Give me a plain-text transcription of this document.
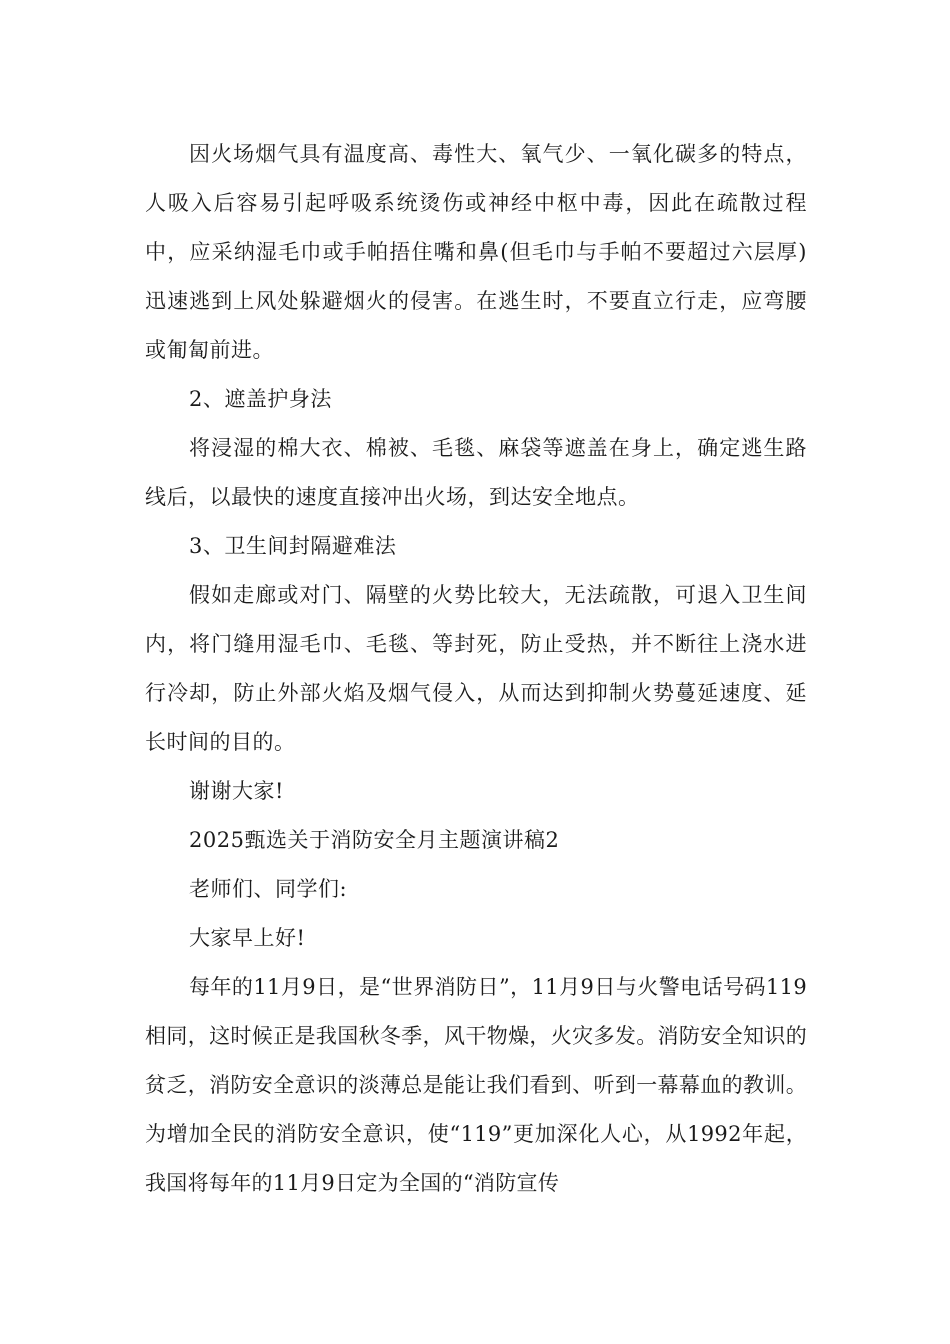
因火场烟气具有温度高、毒性大、氧气少、一氧化碳多的特点，人吸入后容易引起呼吸系统烫伤或神经中枢中毒，因此在疏散过程中，应采纳湿毛巾或手帕捂住嘴和鼻(但毛巾与手帕不要超过六层厚)迅速逃到上风处躲避烟火的侵害。在逃生时，不要直立行走，应弯腰或匍匐前进。

2、遮盖护身法

将浸湿的棉大衣、棉被、毛毯、麻袋等遮盖在身上，确定逃生路线后，以最快的速度直接冲出火场，到达安全地点。

3、卫生间封隔避难法

假如走廊或对门、隔壁的火势比较大，无法疏散，可退入卫生间内，将门缝用湿毛巾、毛毯、等封死，防止受热，并不断往上浇水进行冷却，防止外部火焰及烟气侵入，从而达到抑制火势蔓延速度、延长时间的目的。

谢谢大家!

2025甄选关于消防安全月主题演讲稿2

老师们、同学们:

大家早上好!

每年的11月9日，是“世界消防日”，11月9日与火警电话号码119相同，这时候正是我国秋冬季，风干物燥，火灾多发。消防安全知识的贫乏，消防安全意识的淡薄总是能让我们看到、听到一幕幕血的教训。为增加全民的消防安全意识，使“119”更加深化人心，从1992年起，我国将每年的11月9日定为全国的“消防宣传
